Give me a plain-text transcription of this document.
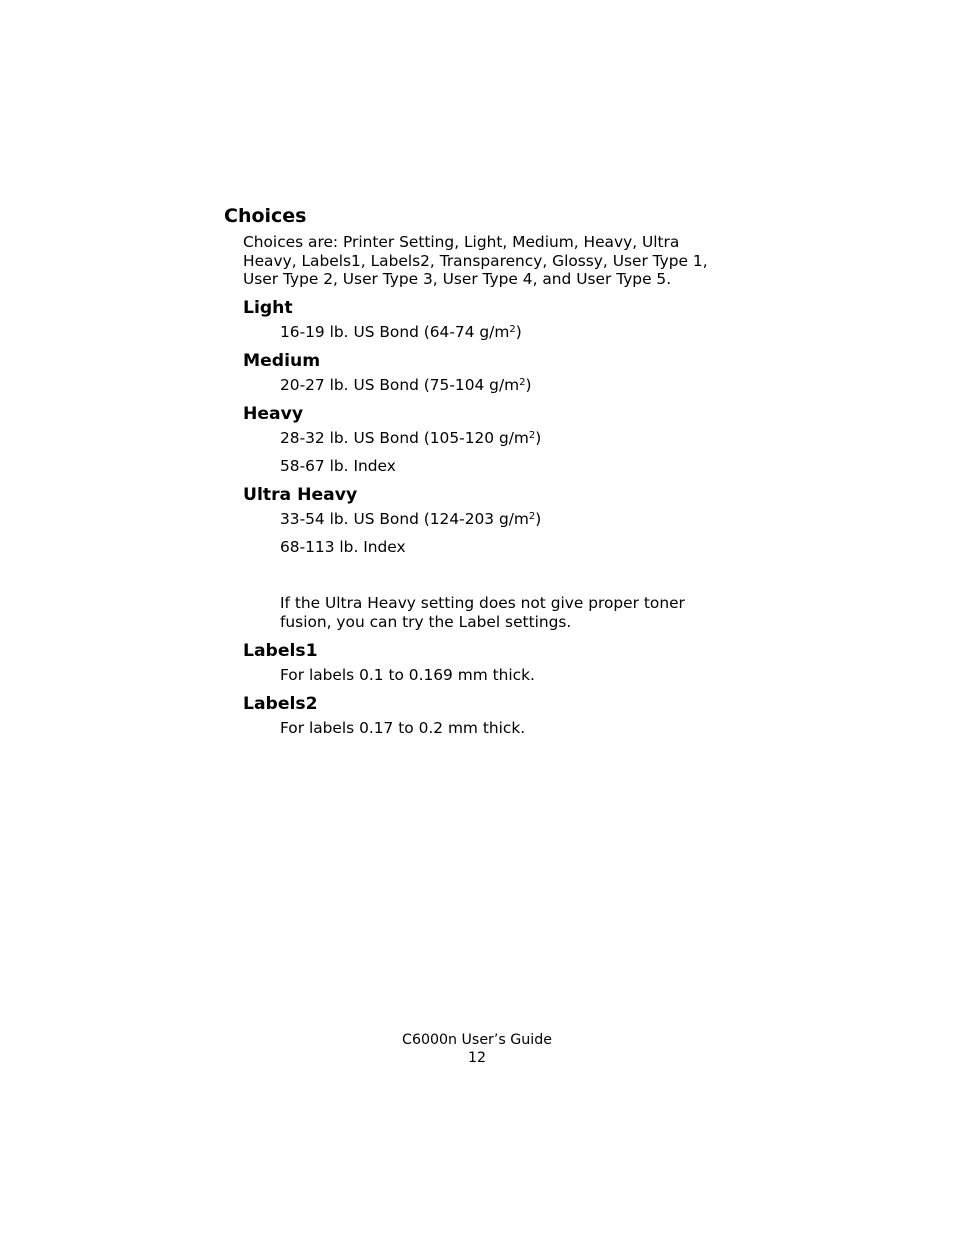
Choices

Choices are: Printer Setting, Light, Medium, Heavy, Ultra
Heavy, Labels1, Labels2, Transparency, Glossy, User Type 1,
User Type 2, User Type 3, User Type 4, and User Type 5.

Light

16-19 lb. US Bond (64-74 $g/m^2$)

Medium

20-27 lb. US Bond (75-104 $g/m^2$)

Heavy

28-32 lb. US Bond (105-120 $g/m^2$)

58-67 lb. Index

Ultra Heavy

33-54 lb. US Bond (124-203 $g/m^2$)

68-113 lb. Index

If the Ultra Heavy setting does not give proper toner
fusion, you can try the Label settings.

Labels1

For labels 0.1 to 0.169 mm thick.

Labels2

For labels 0.17 to 0.2 mm thick.

C6000n User’s Guide
12
